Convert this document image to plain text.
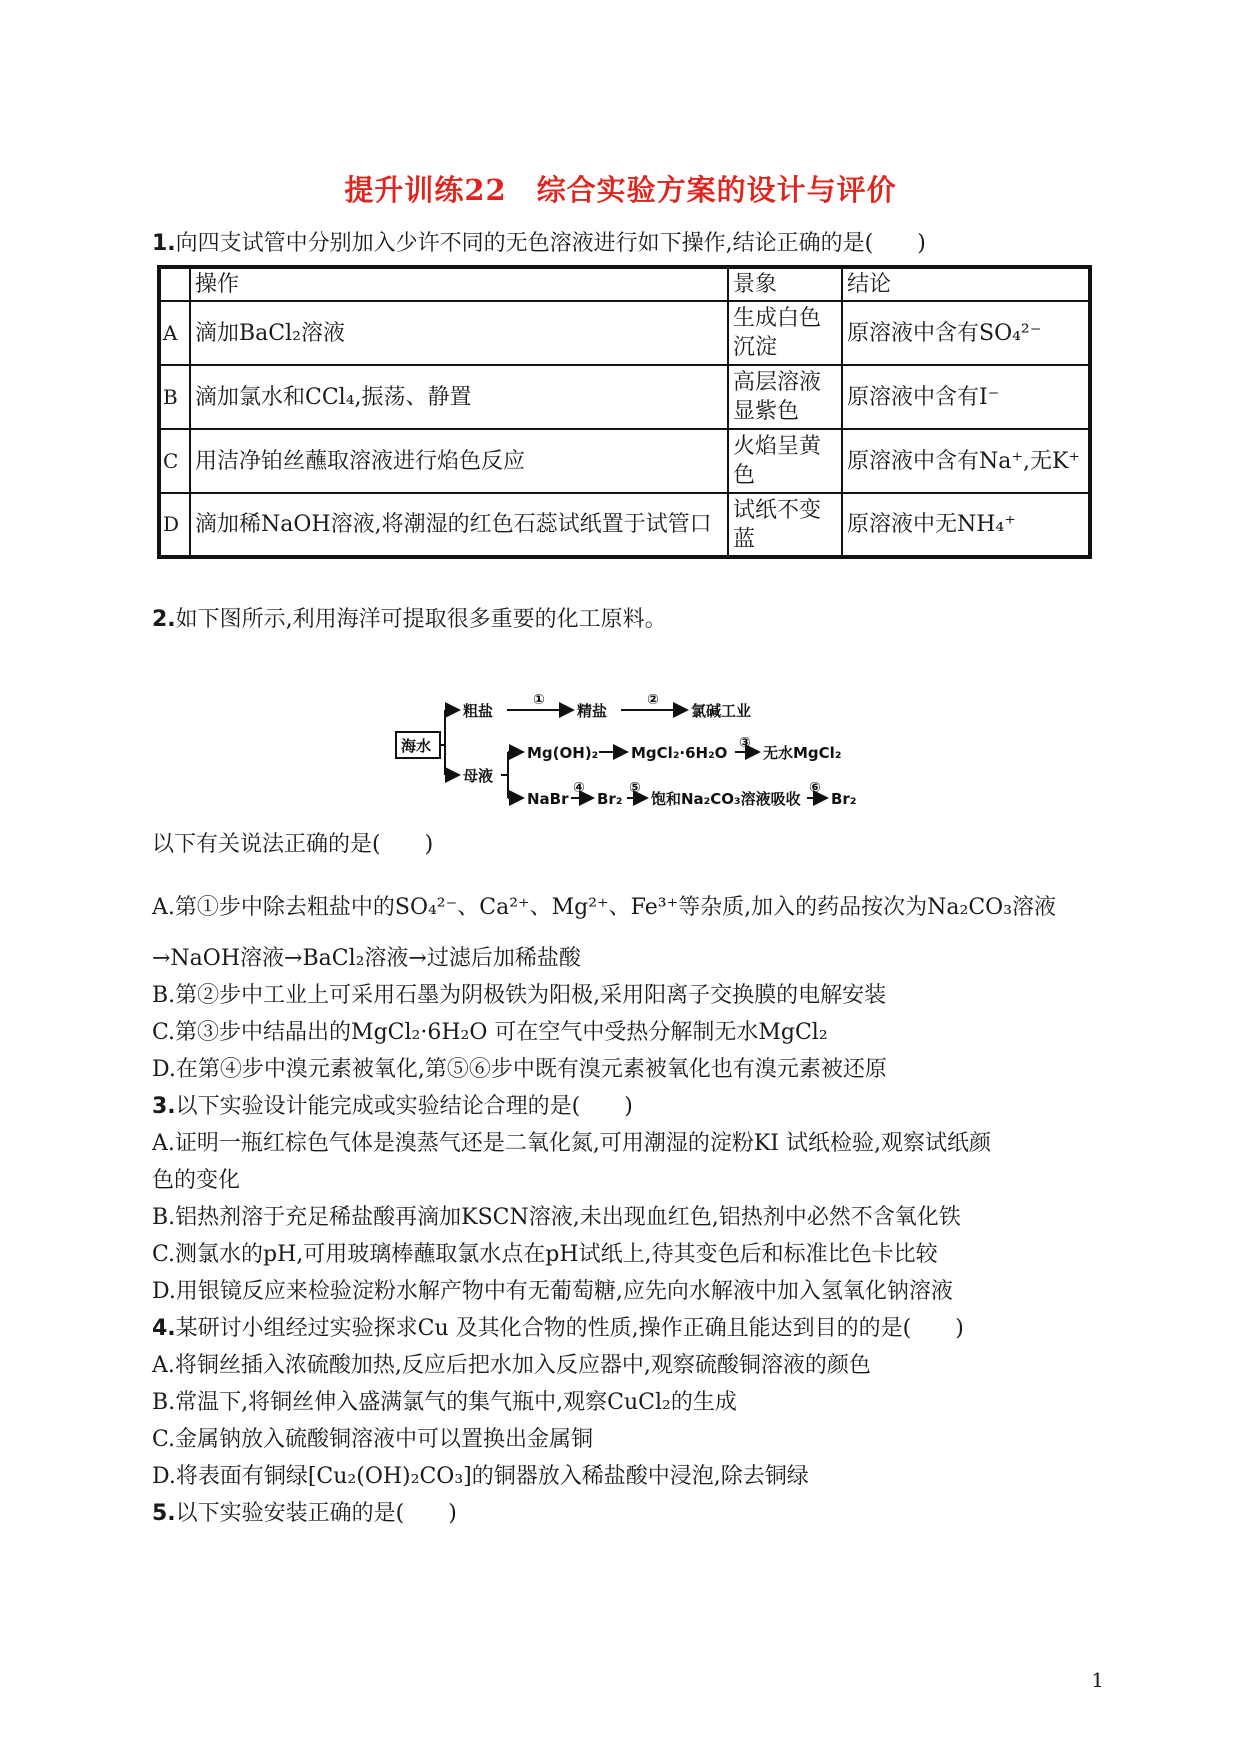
提升训练22　综合实验方案的设计与评价
1.向四支试管中分别加入少许不同的无色溶液进行如下操作,结论正确的是(　　)
	操作	景象	结论
A	滴加BaCl₂溶液	生成白色沉淀	原溶液中含有SO₄²⁻
B	滴加氯水和CCl₄,振荡、静置	高层溶液显紫色	原溶液中含有I⁻
C	用洁净铂丝蘸取溶液进行焰色反应	火焰呈黄色	原溶液中含有Na⁺,无K⁺
D	滴加稀NaOH溶液,将潮湿的红色石蕊试纸置于试管口	试纸不变蓝	原溶液中无NH₄⁺
2.如下图所示,利用海洋可提取很多重要的化工原料。
海水
粗盐
①
精盐
②
氯碱工业
母液
Mg(OH)₂ MgCl₂·6H₂O
③
无水MgCl₂
NaBr
④
Br₂
⑤
饱和Na₂CO₃溶液吸收
⑥
Br₂
以下有关说法正确的是(　　)
A.第①步中除去粗盐中的SO₄²⁻、Ca²⁺、Mg²⁺、Fe³⁺等杂质,加入的药品按次为Na₂CO₃溶液
→NaOH溶液→BaCl₂溶液→过滤后加稀盐酸
B.第②步中工业上可采用石墨为阴极铁为阳极,采用阳离子交换膜的电解安装
C.第③步中结晶出的MgCl₂·6H₂O 可在空气中受热分解制无水MgCl₂
D.在第④步中溴元素被氧化,第⑤⑥步中既有溴元素被氧化也有溴元素被还原
3.以下实验设计能完成或实验结论合理的是(　　)
A.证明一瓶红棕色气体是溴蒸气还是二氧化氮,可用潮湿的淀粉KI 试纸检验,观察试纸颜
色的变化
B.铝热剂溶于充足稀盐酸再滴加KSCN溶液,未出现血红色,铝热剂中必然不含氧化铁
C.测氯水的pH,可用玻璃棒蘸取氯水点在pH试纸上,待其变色后和标准比色卡比较
D.用银镜反应来检验淀粉水解产物中有无葡萄糖,应先向水解液中加入氢氧化钠溶液
4.某研讨小组经过实验探求Cu 及其化合物的性质,操作正确且能达到目的的是(　　)
A.将铜丝插入浓硫酸加热,反应后把水加入反应器中,观察硫酸铜溶液的颜色
B.常温下,将铜丝伸入盛满氯气的集气瓶中,观察CuCl₂的生成
C.金属钠放入硫酸铜溶液中可以置换出金属铜
D.将表面有铜绿[Cu₂(OH)₂CO₃]的铜器放入稀盐酸中浸泡,除去铜绿
5.以下实验安装正确的是(　　)
1
